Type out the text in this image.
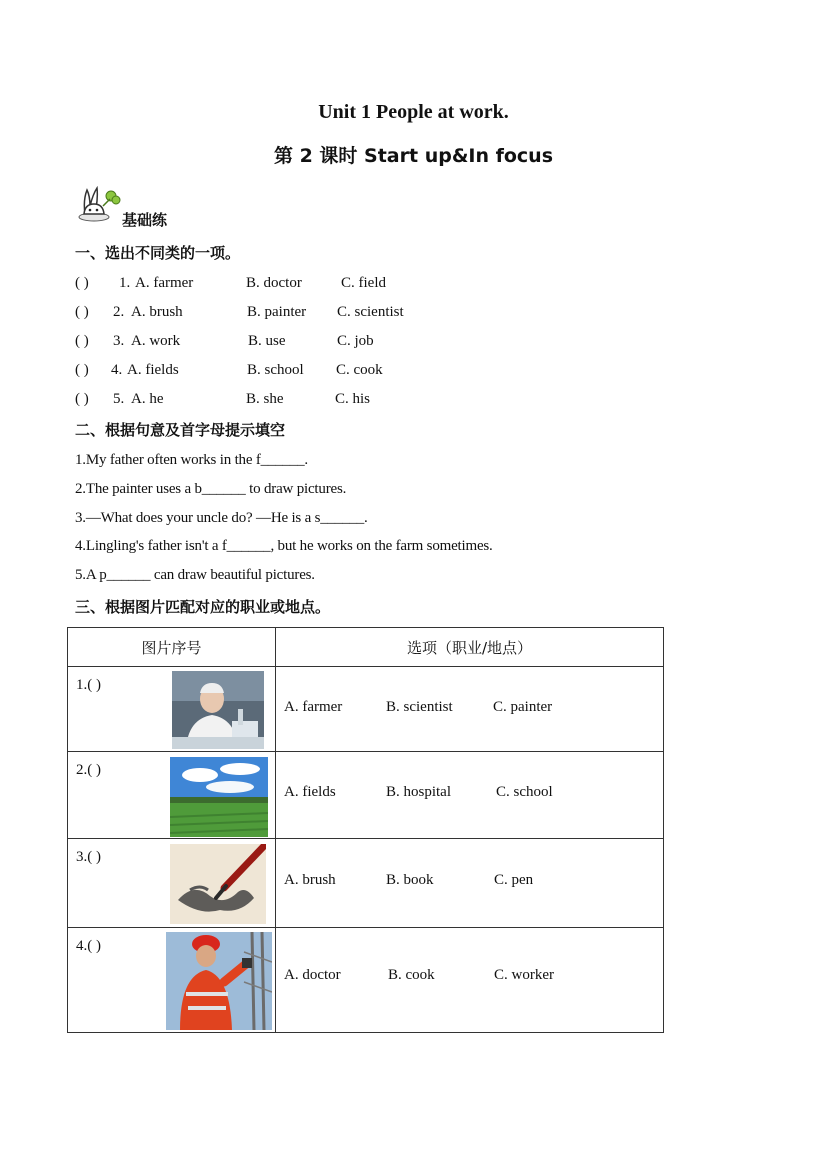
Unit 1 People at work.
第 2 课时 Start up&In focus
基础练
一、选出不同类的一项。
( ) 1. A. farmer	B. doctor	C. field
( ) 2. A. brush	B. painter C. scientist
( ) 3. A. work	B. use	C. job
( ) 4. A. fields	B. school C. cook
( ) 5. A. he	B. she	C. his
二、根据句意及首字母提示填空
1.My father often works in the f______.
2.The painter uses a b______ to draw pictures.
3.—What does your uncle do? —He is a s______.
4.Lingling's father isn't a f______, but he works on the farm sometimes.
5.A p______ can draw beautiful pictures.
三、根据图片匹配对应的职业或地点。
图片序号	选项（职业/地点）

1.( )	A. farmer B. scientist C. painter

2.( )	A. fields B. hospital C. school

3.( )	A. brush B. book C. pen

4.( )	A. doctor B. cook C. worker
